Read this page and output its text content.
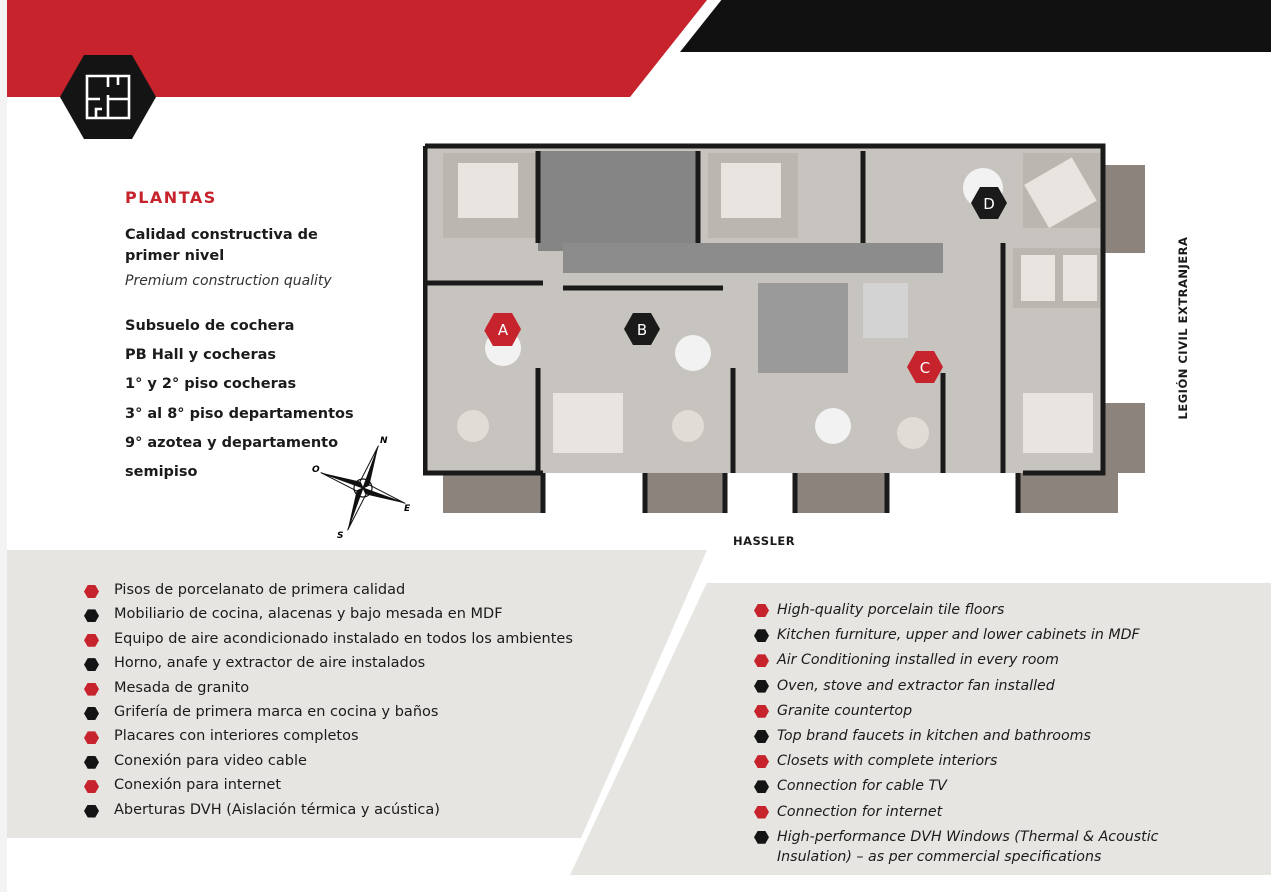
PLANTAS
Calidad constructiva de primer nivel
Premium construction quality
Subsuelo de cochera
PB Hall y cocheras
1° y 2° piso cocheras
3° al 8° piso departamentos
9° azotea y departamento
semipiso
N
S
E
O
A	B
C
D
HASSLER
LEGIÓN CIVIL EXTRANJERA
Pisos de porcelanato de primera calidad
Mobiliario de cocina, alacenas y bajo mesada en MDF
Equipo de aire acondicionado instalado en todos los ambientes
Horno, anafe y extractor de aire instalados
Mesada de granito
Grifería de primera marca en cocina y baños
Placares con interiores completos
Conexión para video cable
Conexión para internet
Aberturas DVH (Aislación térmica y acústica)
High-quality porcelain tile floors
Kitchen furniture, upper and lower cabinets in MDF
Air Conditioning installed in every room
Oven, stove and extractor fan installed
Granite countertop
Top brand faucets in kitchen and bathrooms
Closets with complete interiors
Connection for cable TV
Connection for internet
High-performance DVH Windows (Thermal & Acoustic Insulation) – as per commercial specifications
